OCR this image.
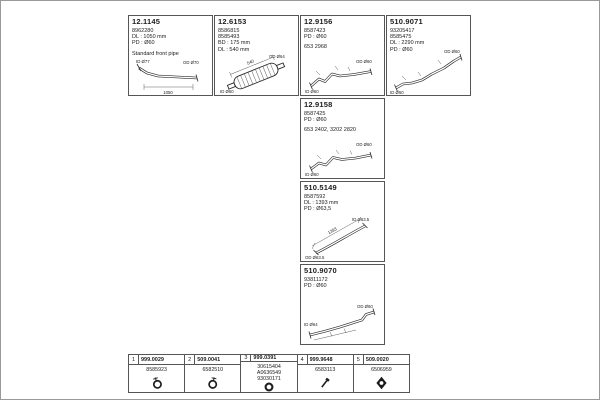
12.1145
8962280
DL : 1050 mm
PD : Ø60
Standard front pipe
ID Ø77	OD Ø70
1050
12.6153
8586815
8585493
BD : 175 mm
DL : 540 mm
OD Ø64
ID Ø60
540
12.9156
8587423
PD : Ø60
653 2968
OD Ø60
ID Ø60
510.9071
93205417
8585475
DL : 2290 mm
PD : Ø60	OD Ø60
ID Ø60
12.9158
8587425
PD : Ø60
653 2402, 3202 2820
OD Ø60
ID Ø60
510.5149
8587592
DL : 1393 mm
PD : Ø63,5
ID Ø63.5
OD Ø63.5
1393
510.9070
93811172
PD : Ø60
OD Ø60
ID Ø64
1	999.0029
8585923
2	509.0041
6582510
3	999.0391
30615404
A0636549
93030171
4	999.9648
6583113
5	509.0020
6506959
